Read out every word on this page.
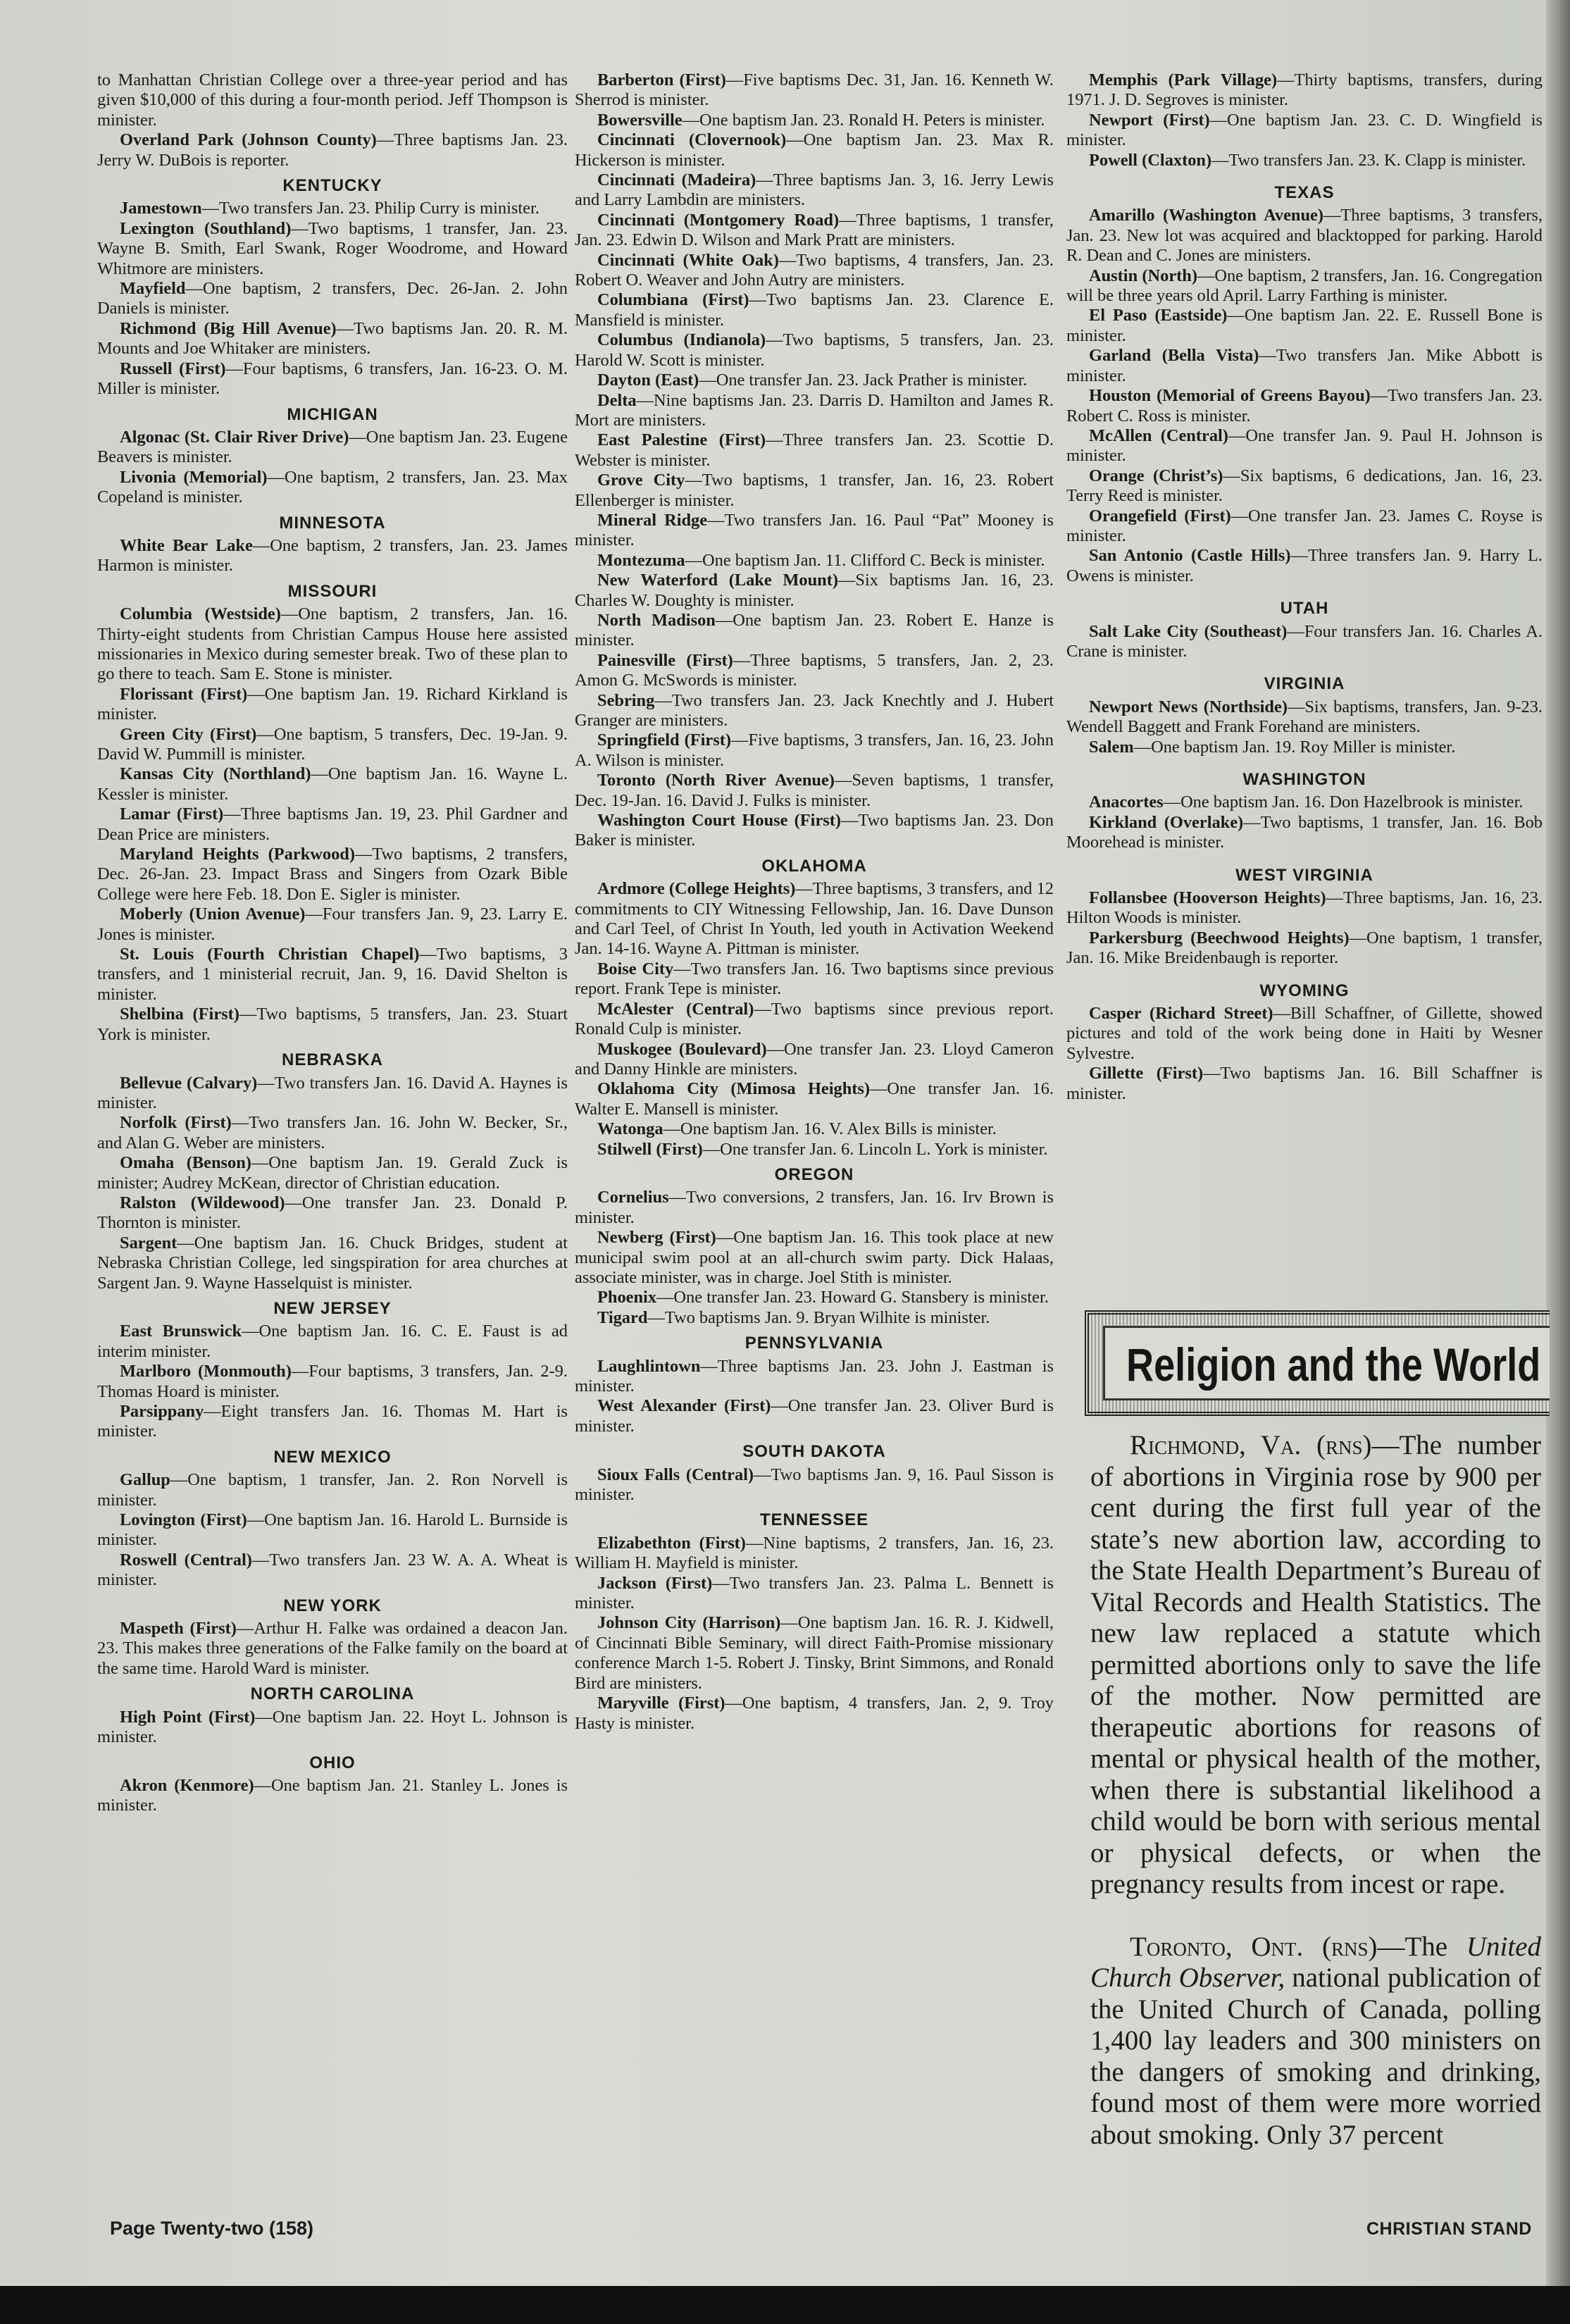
to Manhattan Christian College over a three-year period and has given $10,000 of this during a four-month period. Jeff Thompson is minister.

Overland Park (Johnson County)—Three baptisms Jan. 23. Jerry W. DuBois is reporter.

KENTUCKY

Jamestown—Two transfers Jan. 23. Philip Curry is minister.

Lexington (Southland)—Two baptisms, 1 transfer, Jan. 23. Wayne B. Smith, Earl Swank, Roger Woodrome, and Howard Whitmore are ministers.

Mayfield—One baptism, 2 transfers, Dec. 26-Jan. 2. John Daniels is minister.

Richmond (Big Hill Avenue)—Two baptisms Jan. 20. R. M. Mounts and Joe Whitaker are ministers.

Russell (First)—Four baptisms, 6 transfers, Jan. 16-23. O. M. Miller is minister.

MICHIGAN

Algonac (St. Clair River Drive)—One baptism Jan. 23. Eugene Beavers is minister.

Livonia (Memorial)—One baptism, 2 transfers, Jan. 23. Max Copeland is minister.

MINNESOTA

White Bear Lake—One baptism, 2 transfers, Jan. 23. James Harmon is minister.

MISSOURI

Columbia (Westside)—One baptism, 2 transfers, Jan. 16. Thirty-eight students from Christian Campus House here assisted missionaries in Mexico during semester break. Two of these plan to go there to teach. Sam E. Stone is minister.

Florissant (First)—One baptism Jan. 19. Richard Kirkland is minister.

Green City (First)—One baptism, 5 transfers, Dec. 19-Jan. 9. David W. Pummill is minister.

Kansas City (Northland)—One baptism Jan. 16. Wayne L. Kessler is minister.

Lamar (First)—Three baptisms Jan. 19, 23. Phil Gardner and Dean Price are ministers.

Maryland Heights (Parkwood)—Two baptisms, 2 transfers, Dec. 26-Jan. 23. Impact Brass and Singers from Ozark Bible College were here Feb. 18. Don E. Sigler is minister.

Moberly (Union Avenue)—Four transfers Jan. 9, 23. Larry E. Jones is minister.

St. Louis (Fourth Christian Chapel)—Two baptisms, 3 transfers, and 1 ministerial recruit, Jan. 9, 16. David Shelton is minister.

Shelbina (First)—Two baptisms, 5 transfers, Jan. 23. Stuart York is minister.

NEBRASKA

Bellevue (Calvary)—Two transfers Jan. 16. David A. Haynes is minister.

Norfolk (First)—Two transfers Jan. 16. John W. Becker, Sr., and Alan G. Weber are ministers.

Omaha (Benson)—One baptism Jan. 19. Gerald Zuck is minister; Audrey McKean, director of Christian education.

Ralston (Wildewood)—One transfer Jan. 23. Donald P. Thornton is minister.

Sargent—One baptism Jan. 16. Chuck Bridges, student at Nebraska Christian College, led singspiration for area churches at Sargent Jan. 9. Wayne Hasselquist is minister.

NEW JERSEY

East Brunswick—One baptism Jan. 16. C. E. Faust is ad interim minister.

Marlboro (Monmouth)—Four baptisms, 3 transfers, Jan. 2-9. Thomas Hoard is minister.

Parsippany—Eight transfers Jan. 16. Thomas M. Hart is minister.

NEW MEXICO

Gallup—One baptism, 1 transfer, Jan. 2. Ron Norvell is minister.

Lovington (First)—One baptism Jan. 16. Harold L. Burnside is minister.

Roswell (Central)—Two transfers Jan. 23 W. A. A. Wheat is minister.

NEW YORK

Maspeth (First)—Arthur H. Falke was ordained a deacon Jan. 23. This makes three generations of the Falke family on the board at the same time. Harold Ward is minister.

NORTH CAROLINA

High Point (First)—One baptism Jan. 22. Hoyt L. Johnson is minister.

OHIO

Akron (Kenmore)—One baptism Jan. 21. Stanley L. Jones is minister.

Barberton (First)—Five baptisms Dec. 31, Jan. 16. Kenneth W. Sherrod is minister.

Bowersville—One baptism Jan. 23. Ronald H. Peters is minister.

Cincinnati (Clovernook)—One baptism Jan. 23. Max R. Hickerson is minister.

Cincinnati (Madeira)—Three baptisms Jan. 3, 16. Jerry Lewis and Larry Lambdin are ministers.

Cincinnati (Montgomery Road)—Three baptisms, 1 transfer, Jan. 23. Edwin D. Wilson and Mark Pratt are ministers.

Cincinnati (White Oak)—Two baptisms, 4 transfers, Jan. 23. Robert O. Weaver and John Autry are ministers.

Columbiana (First)—Two baptisms Jan. 23. Clarence E. Mansfield is minister.

Columbus (Indianola)—Two baptisms, 5 transfers, Jan. 23. Harold W. Scott is minister.

Dayton (East)—One transfer Jan. 23. Jack Prather is minister.

Delta—Nine baptisms Jan. 23. Darris D. Hamilton and James R. Mort are ministers.

East Palestine (First)—Three transfers Jan. 23. Scottie D. Webster is minister.

Grove City—Two baptisms, 1 transfer, Jan. 16, 23. Robert Ellenberger is minister.

Mineral Ridge—Two transfers Jan. 16. Paul “Pat” Mooney is minister.

Montezuma—One baptism Jan. 11. Clifford C. Beck is minister.

New Waterford (Lake Mount)—Six baptisms Jan. 16, 23. Charles W. Doughty is minister.

North Madison—One baptism Jan. 23. Robert E. Hanze is minister.

Painesville (First)—Three baptisms, 5 transfers, Jan. 2, 23. Amon G. McSwords is minister.

Sebring—Two transfers Jan. 23. Jack Knechtly and J. Hubert Granger are ministers.

Springfield (First)—Five baptisms, 3 transfers, Jan. 16, 23. John A. Wilson is minister.

Toronto (North River Avenue)—Seven baptisms, 1 transfer, Dec. 19-Jan. 16. David J. Fulks is minister.

Washington Court House (First)—Two baptisms Jan. 23. Don Baker is minister.

OKLAHOMA

Ardmore (College Heights)—Three baptisms, 3 transfers, and 12 commitments to CIY Witnessing Fellowship, Jan. 16. Dave Dunson and Carl Teel, of Christ In Youth, led youth in Activation Weekend Jan. 14-16. Wayne A. Pittman is minister.

Boise City—Two transfers Jan. 16. Two baptisms since previous report. Frank Tepe is minister.

McAlester (Central)—Two baptisms since previous report. Ronald Culp is minister.

Muskogee (Boulevard)—One transfer Jan. 23. Lloyd Cameron and Danny Hinkle are ministers.

Oklahoma City (Mimosa Heights)—One transfer Jan. 16. Walter E. Mansell is minister.

Watonga—One baptism Jan. 16. V. Alex Bills is minister.

Stilwell (First)—One transfer Jan. 6. Lincoln L. York is minister.

OREGON

Cornelius—Two conversions, 2 transfers, Jan. 16. Irv Brown is minister.

Newberg (First)—One baptism Jan. 16. This took place at new municipal swim pool at an all-church swim party. Dick Halaas, associate minister, was in charge. Joel Stith is minister.

Phoenix—One transfer Jan. 23. Howard G. Stansbery is minister.

Tigard—Two baptisms Jan. 9. Bryan Wilhite is minister.

PENNSYLVANIA

Laughlintown—Three baptisms Jan. 23. John J. Eastman is minister.

West Alexander (First)—One transfer Jan. 23. Oliver Burd is minister.

SOUTH DAKOTA

Sioux Falls (Central)—Two baptisms Jan. 9, 16. Paul Sisson is minister.

TENNESSEE

Elizabethton (First)—Nine baptisms, 2 transfers, Jan. 16, 23. William H. Mayfield is minister.

Jackson (First)—Two transfers Jan. 23. Palma L. Bennett is minister.

Johnson City (Harrison)—One baptism Jan. 16. R. J. Kidwell, of Cincinnati Bible Seminary, will direct Faith-Promise missionary conference March 1-5. Robert J. Tinsky, Brint Simmons, and Ronald Bird are ministers.

Maryville (First)—One baptism, 4 transfers, Jan. 2, 9. Troy Hasty is minister.

Memphis (Park Village)—Thirty baptisms, transfers, during 1971. J. D. Segroves is minister.

Newport (First)—One baptism Jan. 23. C. D. Wingfield is minister.

Powell (Claxton)—Two transfers Jan. 23. K. Clapp is minister.

TEXAS

Amarillo (Washington Avenue)—Three baptisms, 3 transfers, Jan. 23. New lot was acquired and blacktopped for parking. Harold R. Dean and C. Jones are ministers.

Austin (North)—One baptism, 2 transfers, Jan. 16. Congregation will be three years old April. Larry Farthing is minister.

El Paso (Eastside)—One baptism Jan. 22. E. Russell Bone is minister.

Garland (Bella Vista)—Two transfers Jan. Mike Abbott is minister.

Houston (Memorial of Greens Bayou)—Two transfers Jan. 23. Robert C. Ross is minister.

McAllen (Central)—One transfer Jan. 9. Paul H. Johnson is minister.

Orange (Christ’s)—Six baptisms, 6 dedications, Jan. 16, 23. Terry Reed is minister.

Orangefield (First)—One transfer Jan. 23. James C. Royse is minister.

San Antonio (Castle Hills)—Three transfers Jan. 9. Harry L. Owens is minister.

UTAH

Salt Lake City (Southeast)—Four transfers Jan. 16. Charles A. Crane is minister.

VIRGINIA

Newport News (Northside)—Six baptisms, transfers, Jan. 9-23. Wendell Baggett and Frank Forehand are ministers.

Salem—One baptism Jan. 19. Roy Miller is minister.

WASHINGTON

Anacortes—One baptism Jan. 16. Don Hazelbrook is minister.

Kirkland (Overlake)—Two baptisms, 1 transfer, Jan. 16. Bob Moorehead is minister.

WEST VIRGINIA

Follansbee (Hooverson Heights)—Three baptisms, Jan. 16, 23. Hilton Woods is minister.

Parkersburg (Beechwood Heights)—One baptism, 1 transfer, Jan. 16. Mike Breidenbaugh is reporter.

WYOMING

Casper (Richard Street)—Bill Schaffner, of Gillette, showed pictures and told of the work being done in Haiti by Wesner Sylvestre.

Gillette (First)—Two baptisms Jan. 16. Bill Schaffner is minister.

Religion and the World

Richmond, Va. (rns)—The number of abortions in Virginia rose by 900 per cent during the first full year of the state’s new abortion law, according to the State Health Department’s Bureau of Vital Records and Health Statistics. The new law replaced a statute which permitted abortions only to save the life of the mother. Now permitted are therapeutic abortions for reasons of mental or physical health of the mother, when there is substantial likelihood a child would be born with serious mental or physical defects, or when the pregnancy results from incest or rape.

Toronto, Ont. (rns)—The United Church Observer, national publication of the United Church of Canada, polling 1,400 lay leaders and 300 ministers on the dangers of smoking and drinking, found most of them were more worried about smoking. Only 37 percent

Page Twenty-two (158)	CHRISTIAN STAND
